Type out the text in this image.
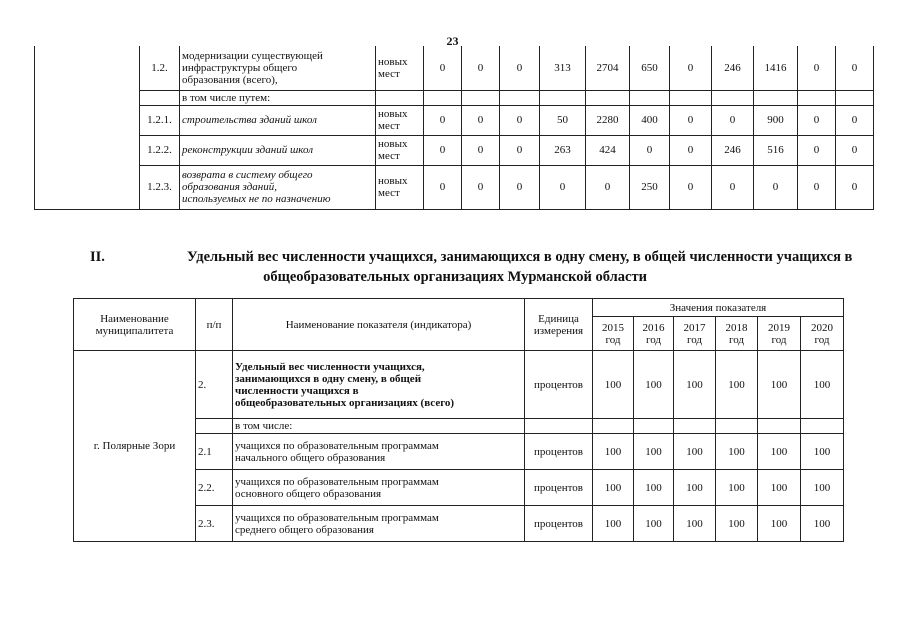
23
	1.2.	модернизации существующей
инфраструктуры общего
образования (всего),	новых
мест	0	0	0	313	2704	650	0	246	1416	0	0
		в том числе путем:												
	1.2.1.	строительства зданий школ	новых
мест	0	0	0	50	2280	400	0	0	900	0	0
	1.2.2.	реконструкции зданий школ	новых
мест	0	0	0	263	424	0	0	246	516	0	0
	1.2.3.	возврата в систему общего
образования зданий,
используемых не по назначению	новых
мест	0	0	0	0	0	250	0	0	0	0	0
II.	Удельный вес численности учащихся, занимающихся в одну смену, в общей численности учащихся в
общеобразовательных организациях Мурманской области
Наименование
муниципалитета	п/п	Наименование показателя (индикатора)	Единица
измерения	Значения показателя					
				2015
год	2016
год	2017
год	2018
год	2019
год	2020
год
г. Полярные Зори	2.	Удельный вес численности учащихся,
занимающихся в одну смену, в общей
численности учащихся в
общеобразовательных организациях (всего)	процентов	100	100	100	100	100	100
		в том числе:							
	2.1	учащихся по образовательным программам
начального общего образования	процентов	100	100	100	100	100	100
	2.2.	учащихся по образовательным программам
основного общего образования	процентов	100	100	100	100	100	100
	2.3.	учащихся по образовательным программам
среднего общего образования	процентов	100	100	100	100	100	100
